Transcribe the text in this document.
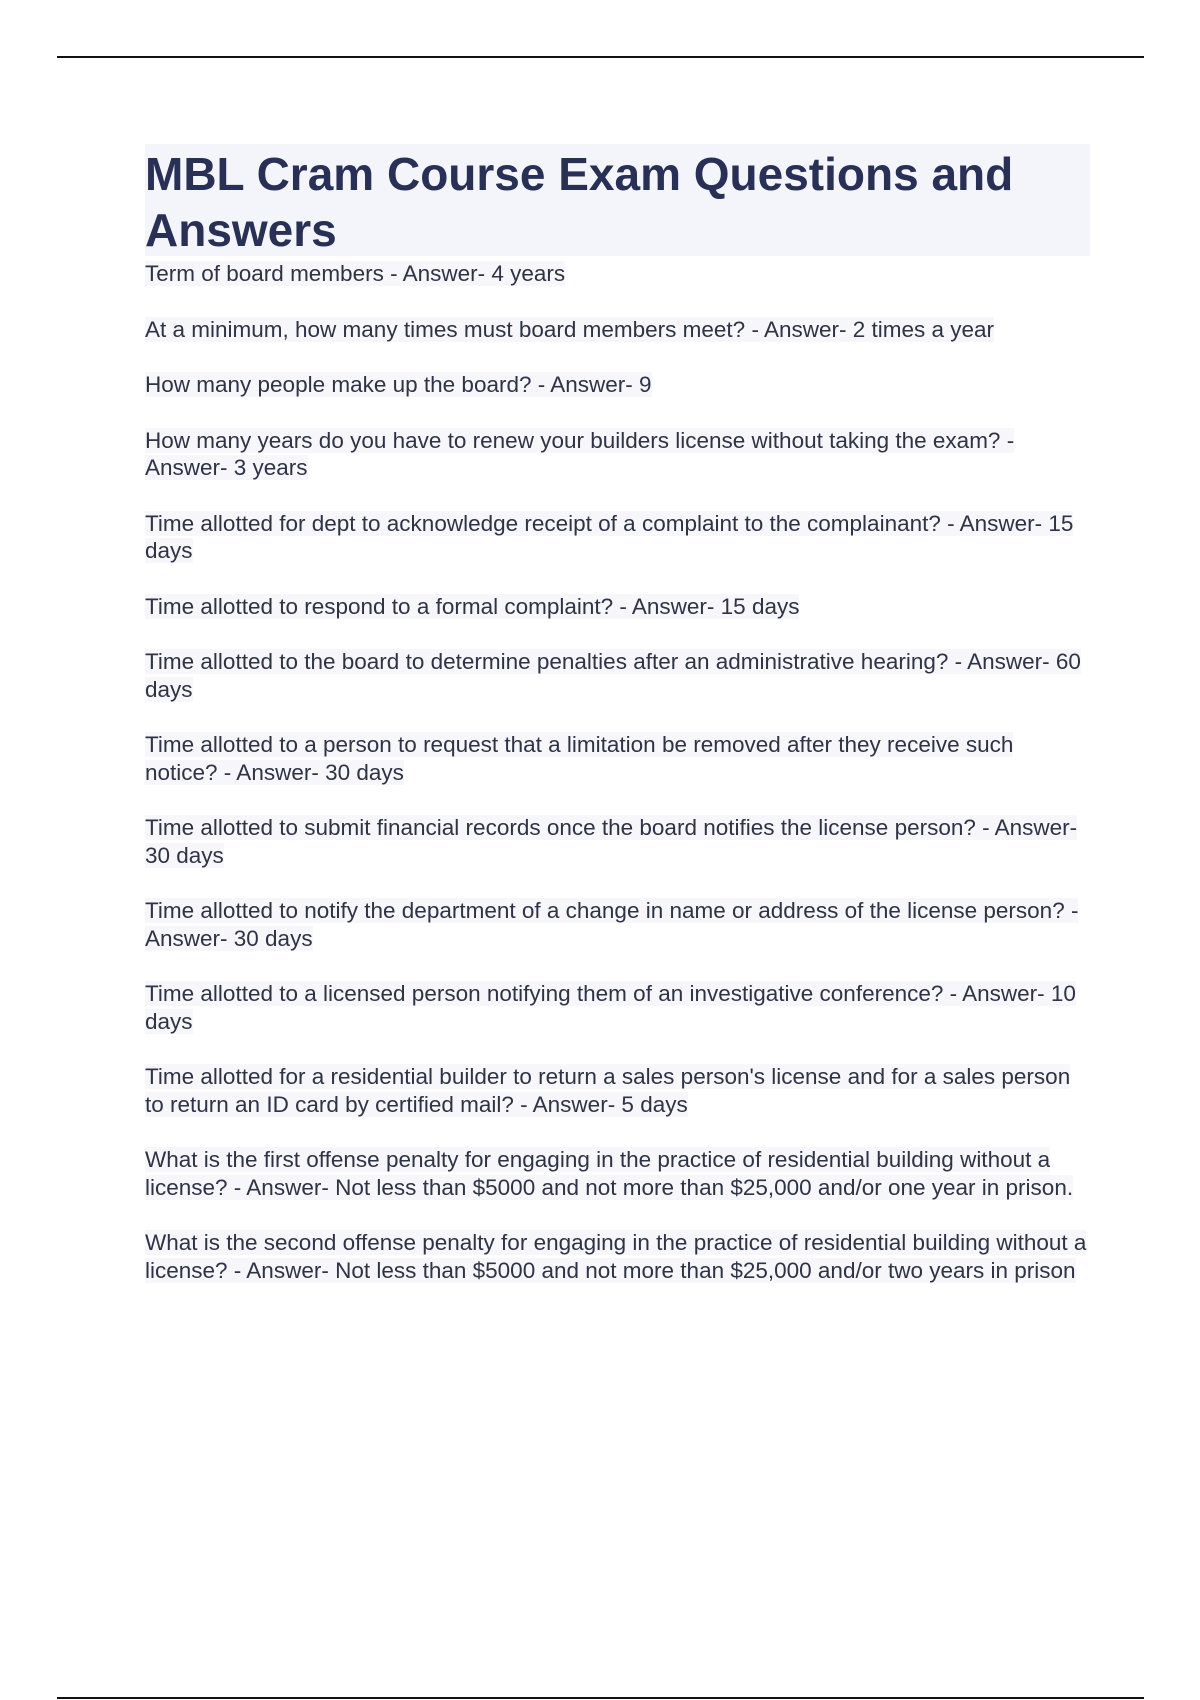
MBL Cram Course Exam Questions and Answers
Term of board members - Answer- 4 years
At a minimum, how many times must board members meet? - Answer- 2 times a year
How many people make up the board? - Answer- 9
How many years do you have to renew your builders license without taking the exam? - Answer- 3 years
Time allotted for dept to acknowledge receipt of a complaint to the complainant? - Answer- 15 days
Time allotted to respond to a formal complaint? - Answer- 15 days
Time allotted to the board to determine penalties after an administrative hearing? - Answer- 60 days
Time allotted to a person to request that a limitation be removed after they receive such notice? - Answer- 30 days
Time allotted to submit financial records once the board notifies the license person? - Answer- 30 days
Time allotted to notify the department of a change in name or address of the license person? - Answer- 30 days
Time allotted to a licensed person notifying them of an investigative conference? - Answer- 10 days
Time allotted for a residential builder to return a sales person's license and for a sales person to return an ID card by certified mail? - Answer- 5 days
What is the first offense penalty for engaging in the practice of residential building without a license? - Answer- Not less than $5000 and not more than $25,000 and/or one year in prison.
What is the second offense penalty for engaging in the practice of residential building without a license? - Answer- Not less than $5000 and not more than $25,000 and/or two years in prison
